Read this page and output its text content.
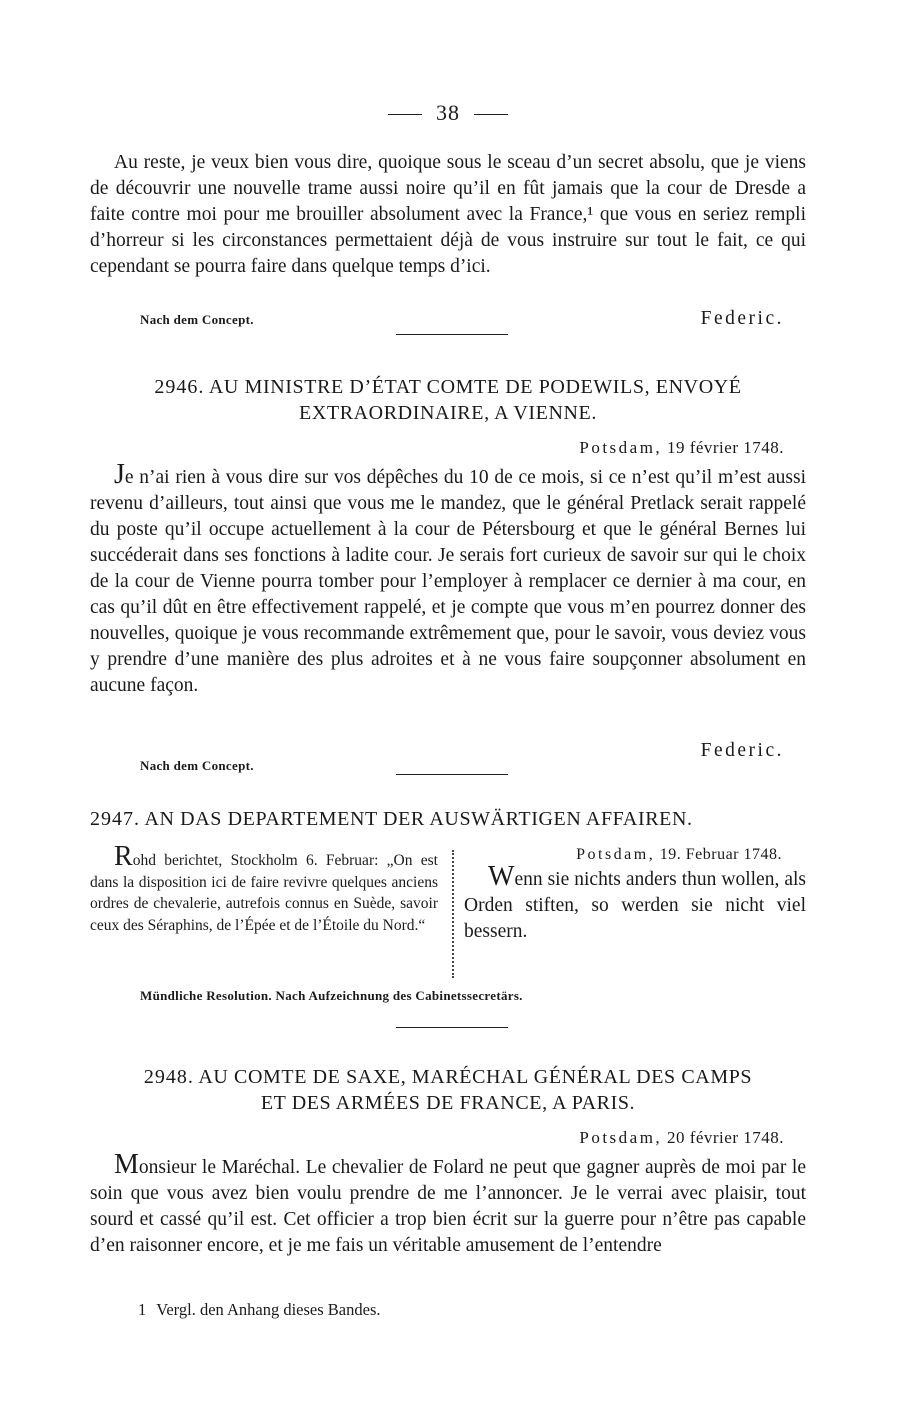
38

Au reste, je veux bien vous dire, quoique sous le sceau d’un secret absolu, que je viens de découvrir une nouvelle trame aussi noire qu’il en fût jamais que la cour de Dresde a faite contre moi pour me brouiller absolument avec la France,¹ que vous en seriez rempli d’horreur si les circonstances permettaient déjà de vous instruire sur tout le fait, ce qui cependant se pourra faire dans quelque temps d’ici.

Nach dem Concept.	Federic.
2946. AU MINISTRE D’ÉTAT COMTE DE PODEWILS, ENVOYÉ
EXTRAORDINAIRE, A VIENNE.
Potsdam, 19 février 1748.

Je n’ai rien à vous dire sur vos dépêches du 10 de ce mois, si ce n’est qu’il m’est aussi revenu d’ailleurs, tout ainsi que vous me le mandez, que le général Pretlack serait rappelé du poste qu’il occupe actuellement à la cour de Pétersbourg et que le général Bernes lui succéderait dans ses fonctions à ladite cour. Je serais fort curieux de savoir sur qui le choix de la cour de Vienne pourra tomber pour l’employer à remplacer ce dernier à ma cour, en cas qu’il dût en être effectivement rappelé, et je compte que vous m’en pourrez donner des nouvelles, quoique je vous recommande extrêmement que, pour le savoir, vous deviez vous y prendre d’une manière des plus adroites et à ne vous faire soupçonner absolument en aucune façon.

Federic.
Nach dem Concept.
2947. AN DAS DEPARTEMENT DER AUSWÄRTIGEN AFFAIREN.
Rohd berichtet, Stockholm 6. Februar: „On est dans la disposition ici de faire revivre quelques anciens ordres de chevalerie, autrefois connus en Suède, savoir ceux des Séraphins, de l’Épée et de l’Étoile du Nord.“
Potsdam, 19. Februar 1748.

Wenn sie nichts anders thun wollen, als Orden stiften, so werden sie nicht viel bessern.

Mündliche Resolution. Nach Aufzeichnung des Cabinetssecretärs.
2948. AU COMTE DE SAXE, MARÉCHAL GÉNÉRAL DES CAMPS
ET DES ARMÉES DE FRANCE, A PARIS.
Potsdam, 20 février 1748.

Monsieur le Maréchal. Le chevalier de Folard ne peut que gagner auprès de moi par le soin que vous avez bien voulu prendre de me l’annoncer. Je le verrai avec plaisir, tout sourd et cassé qu’il est. Cet officier a trop bien écrit sur la guerre pour n’être pas capable d’en raisonner encore, et je me fais un véritable amusement de l’entendre

1 Vergl. den Anhang dieses Bandes.
